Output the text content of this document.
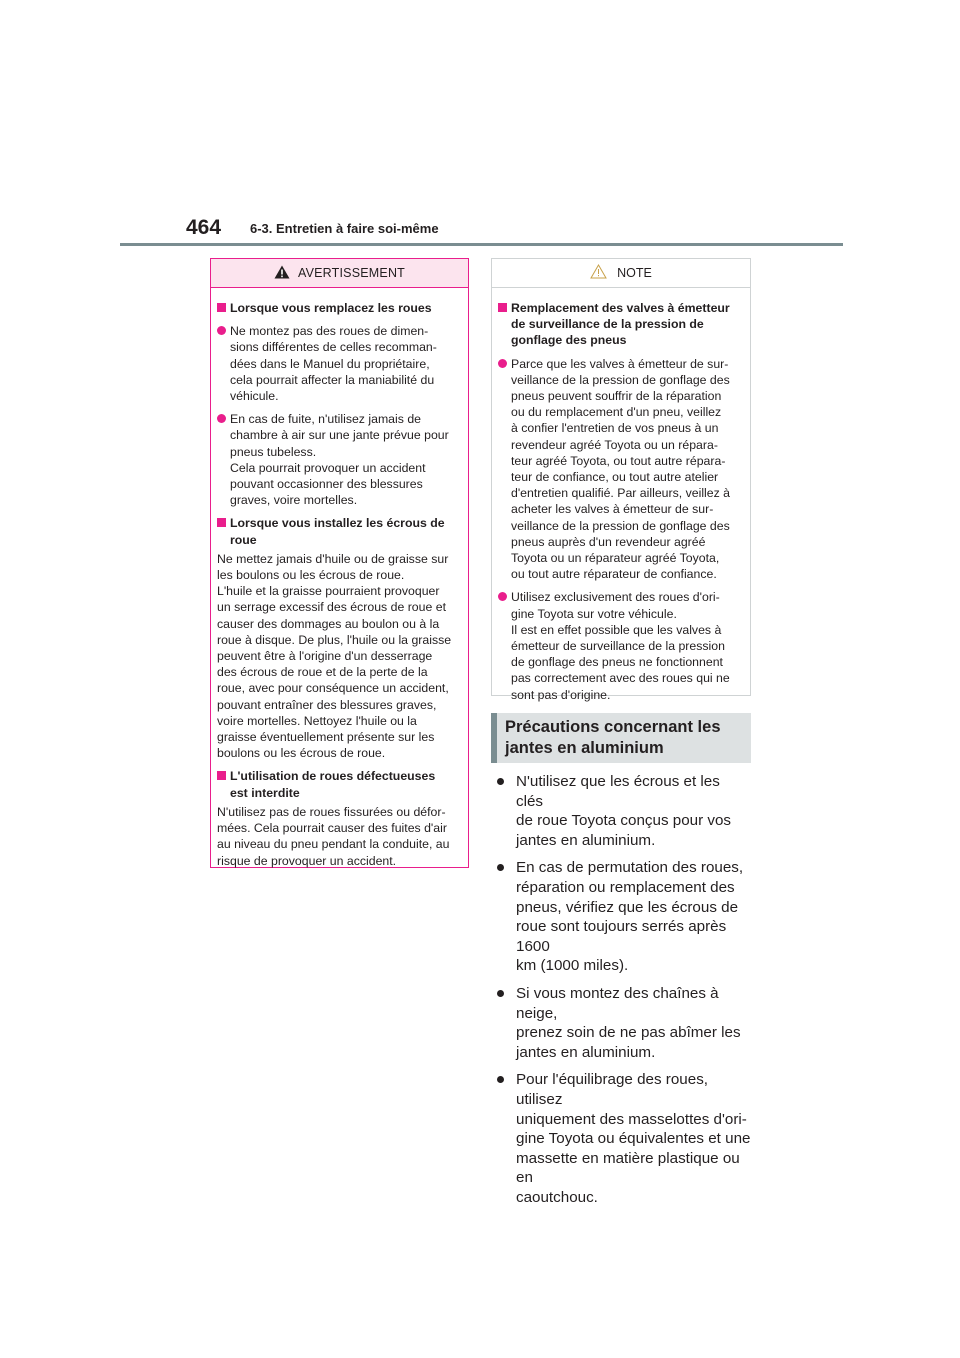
464 6-3. Entretien à faire soi-même
AVERTISSEMENT
Lorsque vous remplacez les roues
Ne montez pas des roues de dimen-
sions différentes de celles recomman-
dées dans le Manuel du propriétaire,
cela pourrait affecter la maniabilité du
véhicule.
En cas de fuite, n'utilisez jamais de
chambre à air sur une jante prévue pour
pneus tubeless.
Cela pourrait provoquer un accident
pouvant occasionner des blessures
graves, voire mortelles.
Lorsque vous installez les écrous de
roue
Ne mettez jamais d'huile ou de graisse sur
les boulons ou les écrous de roue.
L'huile et la graisse pourraient provoquer
un serrage excessif des écrous de roue et
causer des dommages au boulon ou à la
roue à disque. De plus, l'huile ou la graisse
peuvent être à l'origine d'un desserrage
des écrous de roue et de la perte de la
roue, avec pour conséquence un accident,
pouvant entraîner des blessures graves,
voire mortelles. Nettoyez l'huile ou la
graisse éventuellement présente sur les
boulons ou les écrous de roue.
L'utilisation de roues défectueuses
est interdite
N'utilisez pas de roues fissurées ou défor-
mées. Cela pourrait causer des fuites d'air
au niveau du pneu pendant la conduite, au
risque de provoquer un accident.
NOTE
Remplacement des valves à émetteur
de surveillance de la pression de
gonflage des pneus
Parce que les valves à émetteur de sur-
veillance de la pression de gonflage des
pneus peuvent souffrir de la réparation
ou du remplacement d'un pneu, veillez
à confier l'entretien de vos pneus à un
revendeur agréé Toyota ou un répara-
teur agréé Toyota, ou tout autre répara-
teur de confiance, ou tout autre atelier
d'entretien qualifié. Par ailleurs, veillez à
acheter les valves à émetteur de sur-
veillance de la pression de gonflage des
pneus auprès d'un revendeur agréé
Toyota ou un réparateur agréé Toyota,
ou tout autre réparateur de confiance.
Utilisez exclusivement des roues d'ori-
gine Toyota sur votre véhicule.
Il est en effet possible que les valves à
émetteur de surveillance de la pression
de gonflage des pneus ne fonctionnent
pas correctement avec des roues qui ne
sont pas d'origine.
Précautions concernant les
jantes en aluminium
N'utilisez que les écrous et les clés
de roue Toyota conçus pour vos
jantes en aluminium.
En cas de permutation des roues,
réparation ou remplacement des
pneus, vérifiez que les écrous de
roue sont toujours serrés après 1600
km (1000 miles).
Si vous montez des chaînes à neige,
prenez soin de ne pas abîmer les
jantes en aluminium.
Pour l'équilibrage des roues, utilisez
uniquement des masselottes d'ori-
gine Toyota ou équivalentes et une
massette en matière plastique ou en
caoutchouc.
